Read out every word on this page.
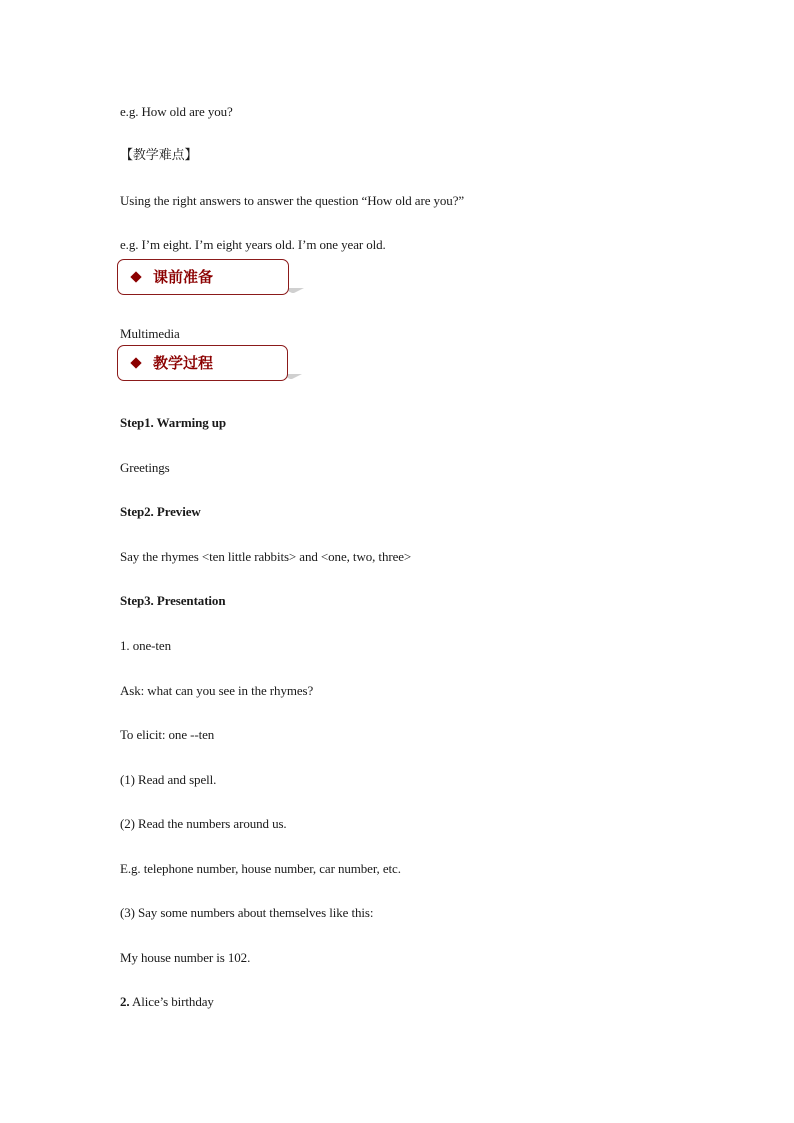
e.g. How old are you?
【教学难点】
Using the right answers to answer the question “How old are you?”
e.g. I’m eight. I’m eight years old. I’m one year old.
课前准备
Multimedia
教学过程
Step1. Warming up
Greetings
Step2. Preview
Say the rhymes <ten little rabbits> and <one, two, three>
Step3. Presentation
1. one-ten
Ask: what can you see in the rhymes?
To elicit: one --ten
(1) Read and spell.
(2) Read the numbers around us.
E.g. telephone number, house number, car number, etc.
(3) Say some numbers about themselves like this:
My house number is 102.
2. Alice’s birthday
